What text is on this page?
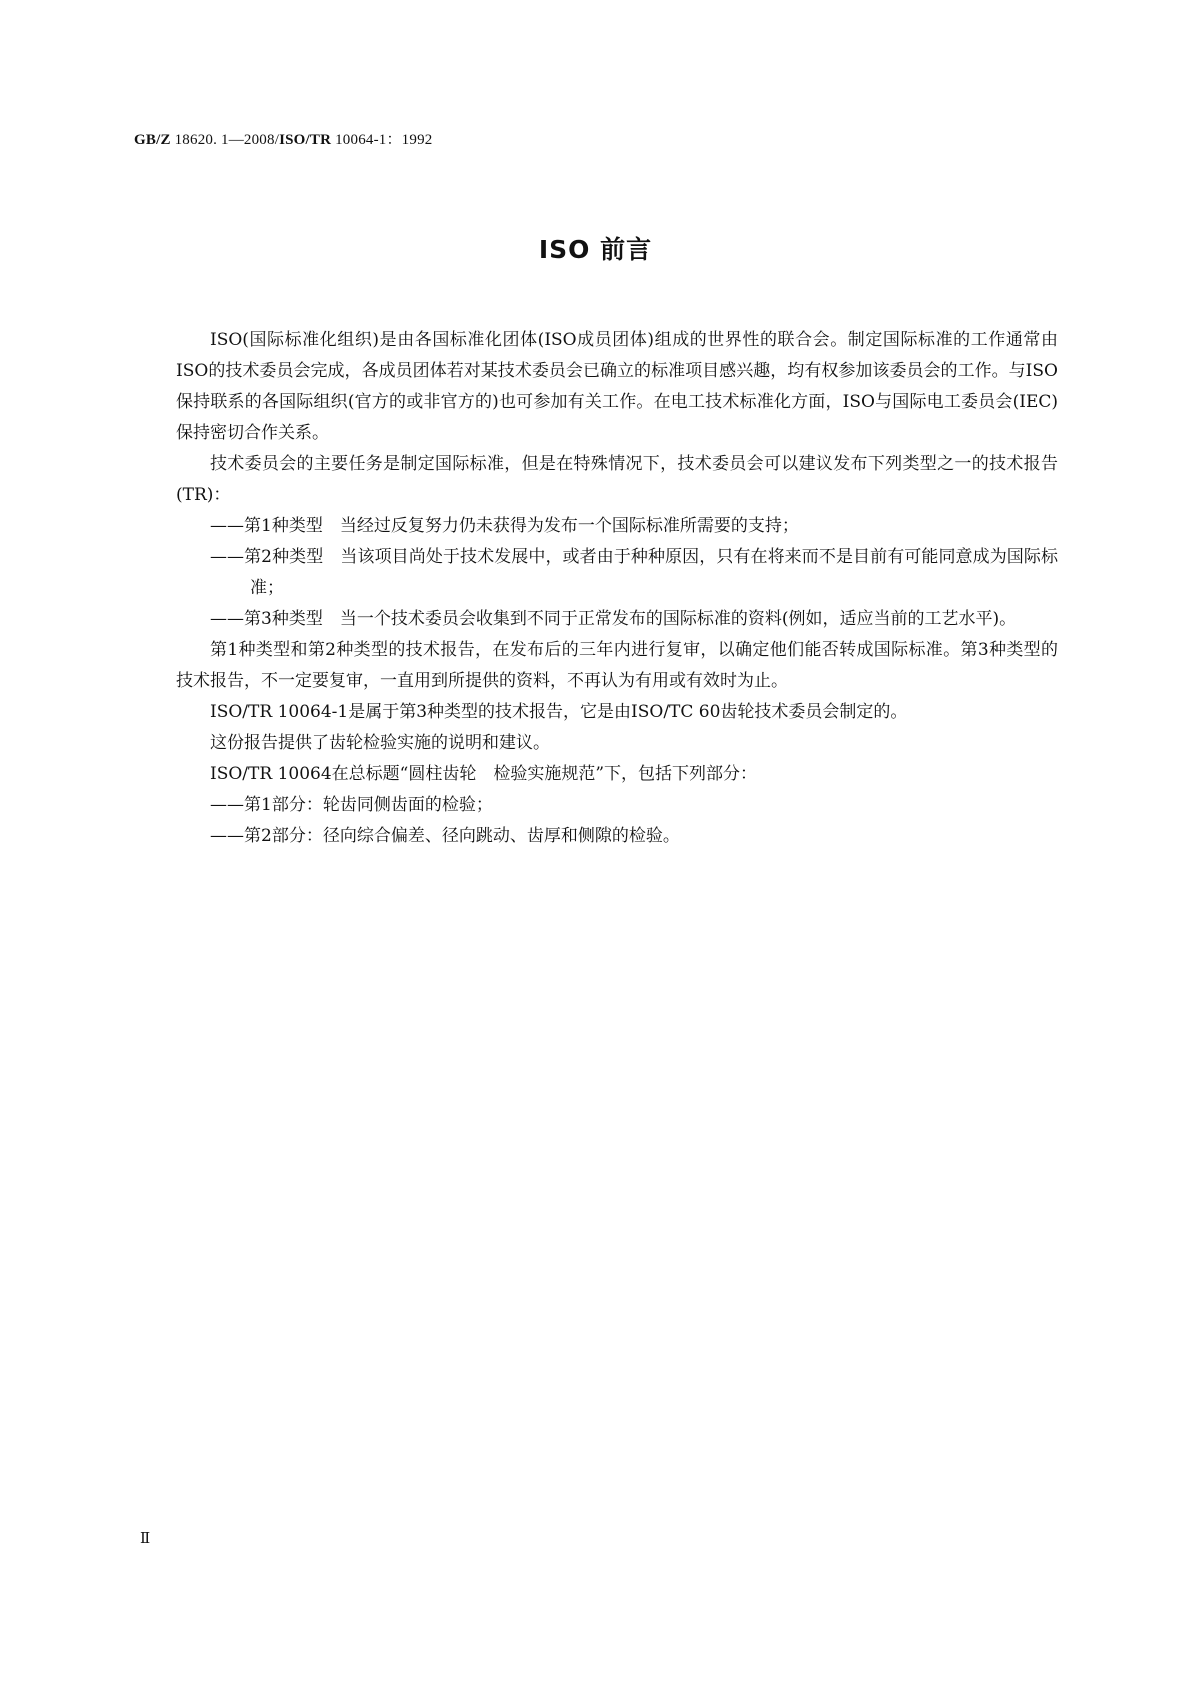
GB/Z 18620. 1—2008/ISO/TR 10064-1：1992
ISO 前言

ISO(国际标准化组织)是由各国标准化团体(ISO成员团体)组成的世界性的联合会。制定国际标准的工作通常由ISO的技术委员会完成，各成员团体若对某技术委员会已确立的标准项目感兴趣，均有权参加该委员会的工作。与ISO保持联系的各国际组织(官方的或非官方的)也可参加有关工作。在电工技术标准化方面，ISO与国际电工委员会(IEC)保持密切合作关系。

技术委员会的主要任务是制定国际标准，但是在特殊情况下，技术委员会可以建议发布下列类型之一的技术报告(TR)：

——第1种类型　当经过反复努力仍未获得为发布一个国际标准所需要的支持；

——第2种类型　当该项目尚处于技术发展中，或者由于种种原因，只有在将来而不是目前有可能同意成为国际标准；

——第3种类型　当一个技术委员会收集到不同于正常发布的国际标准的资料(例如，适应当前的工艺水平)。

第1种类型和第2种类型的技术报告，在发布后的三年内进行复审，以确定他们能否转成国际标准。第3种类型的技术报告，不一定要复审，一直用到所提供的资料，不再认为有用或有效时为止。

ISO/TR 10064-1是属于第3种类型的技术报告，它是由ISO/TC 60齿轮技术委员会制定的。

这份报告提供了齿轮检验实施的说明和建议。

ISO/TR 10064在总标题“圆柱齿轮　检验实施规范”下，包括下列部分：

——第1部分：轮齿同侧齿面的检验；

——第2部分：径向综合偏差、径向跳动、齿厚和侧隙的检验。

Ⅱ
